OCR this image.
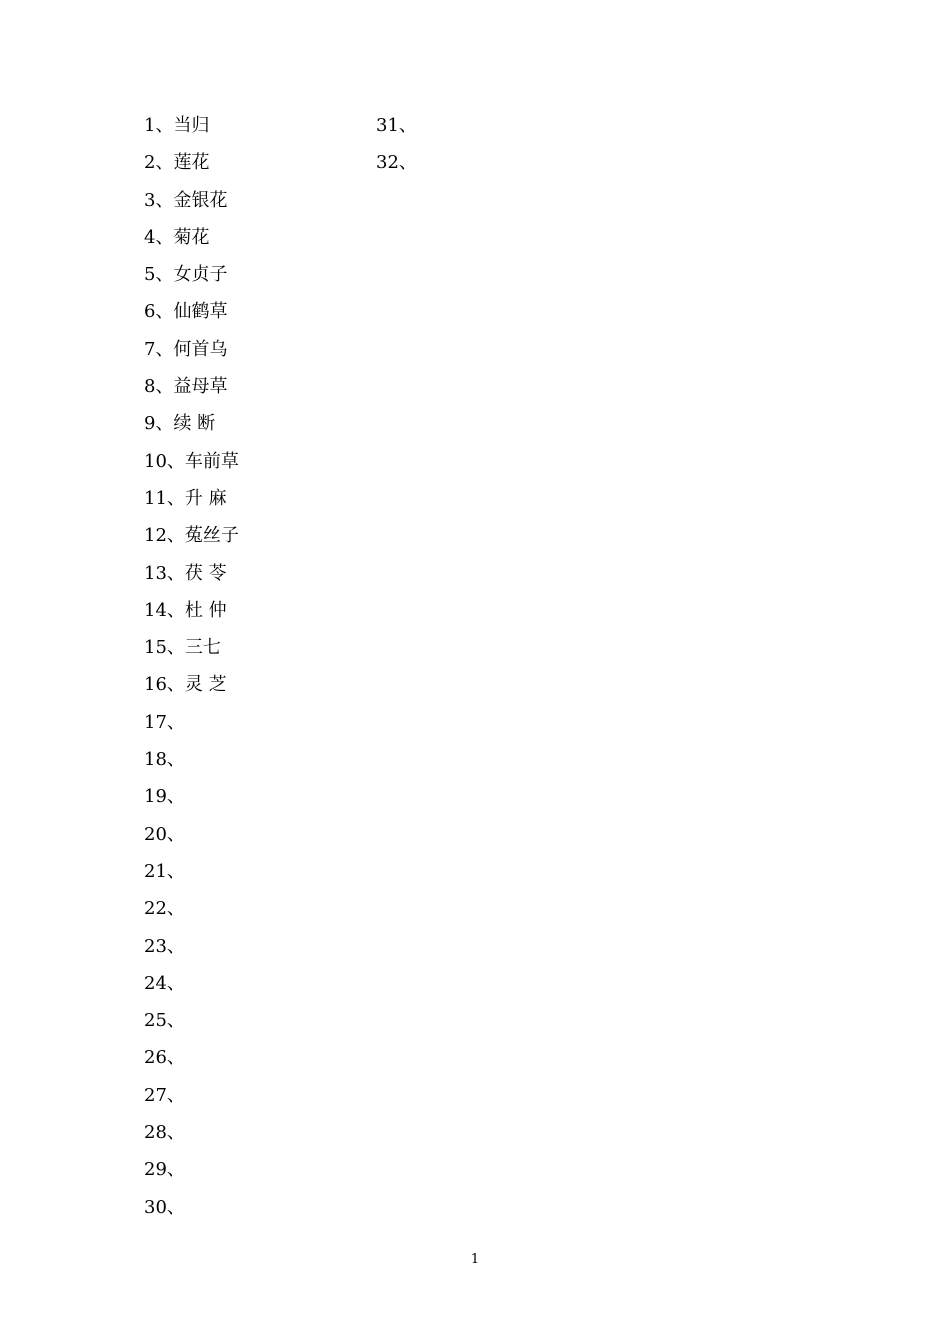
1、当归
2、莲花
3、金银花
4、菊花
5、女贞子
6、仙鹤草
7、何首乌
8、益母草
9、续 断
10、车前草
11、升 麻
12、菟丝子
13、茯 苓
14、杜 仲
15、三七
16、灵 芝
17、
18、
19、
20、
21、
22、
23、
24、
25、
26、
27、
28、
29、
30、
31、
32、
1
